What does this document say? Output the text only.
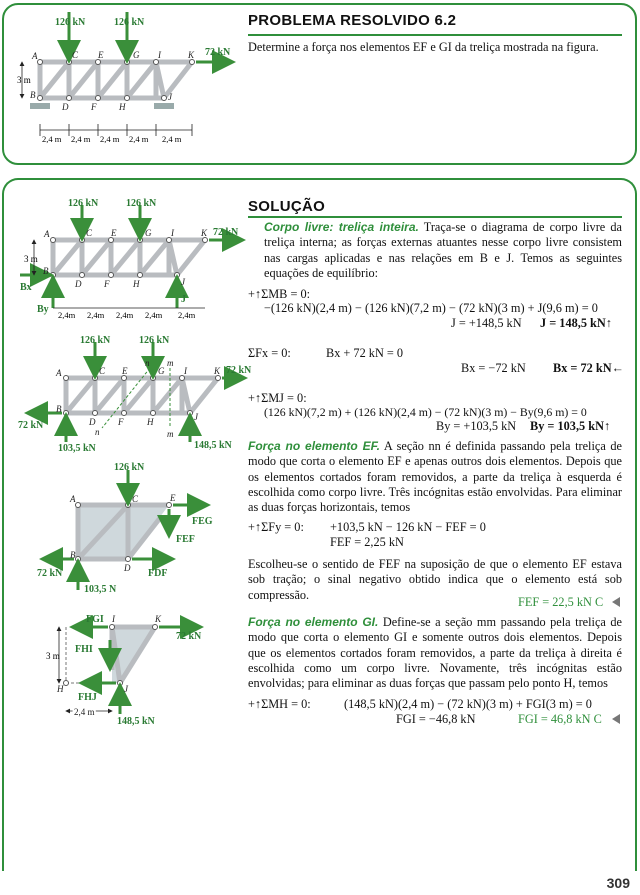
PROBLEMA RESOLVIDO 6.2
Determine a força nos elementos EF e GI da treliça mostrada na figura.
126 kN	126 kN
72 kN
A	C E	G I	K
B
D	F	H
J
3 m
2,4 m 2,4 m 2,4 m 2,4 m 2,4 m
SOLUÇÃO
Corpo livre: treliça inteira. Traça-se o diagrama de corpo livre da treliça interna; as forças externas atuantes nesse corpo livre consistem nas cargas aplicadas e nas relações em B e J. Temos as seguintes equações de equilíbrio:
+↑ΣMB = 0:
−(126 kN)(2,4 m) − (126 kN)(7,2 m) − (72 kN)(3 m) + J(9,6 m) = 0
J = +148,5 kN J = 148,5 kN↑
ΣFx = 0:	Bx + 72 kN = 0
Bx = −72 kN Bx = 72 kN←
+↑ΣMJ = 0:
(126 kN)(7,2 m) + (126 kN)(2,4 m) − (72 kN)(3 m) − By(9,6 m) = 0
By = +103,5 kN By = 103,5 kN↑
Força no elemento EF. A seção nn é definida passando pela treliça de modo que corta o elemento EF e apenas outros dois elementos. Depois que os elementos cortados foram removidos, a parte da treliça à esquerda é escolhida como corpo livre. Três incógnitas estão envolvidas. Para eliminar as duas forças horizontais, temos
+↑ΣFy = 0: +103,5 kN − 126 kN − FEF = 0
FEF = 2,25 kN
Escolheu-se o sentido de FEF na suposição de que o elemento EF estava sob tração; o sinal negativo obtido indica que o elemento está sob compressão.
FEF = 22,5 kN C
Força no elemento GI. Define-se a seção mm passando pela treliça de modo que corta o elemento GI e somente outros dois elementos. Depois que os elementos cortados foram removidos, a parte da treliça à direita é escolhida como um corpo livre. Novamente, três incógnitas estão envolvidas; para eliminar as duas forças que passam pelo ponto H, temos
+↑ΣMH = 0:	(148,5 kN)(2,4 m) − (72 kN)(3 m) + FGI(3 m) = 0
FGI = −46,8 kN	FGI = 46,8 kN C
126 kN	126 kN
72 kN
Bx
By
J
A	C E	G I	K
B
D	F	H	J
3 m
2,4m 2,4m 2,4m 2,4m 2,4m
126 kN	126 kN
72 kN
72 kN
103,5 kN	148,5 kN
A	C E	G I	K
B
D	F	H	J
n
n
m
m
126 kN
FEG
FEF
FDF
72 kN
103,5 N
A	C	E
B
D
FGI
72 kN
FHI
FHJ
148,5 kN
I	K
H	J
3 m
2,4 m
309
